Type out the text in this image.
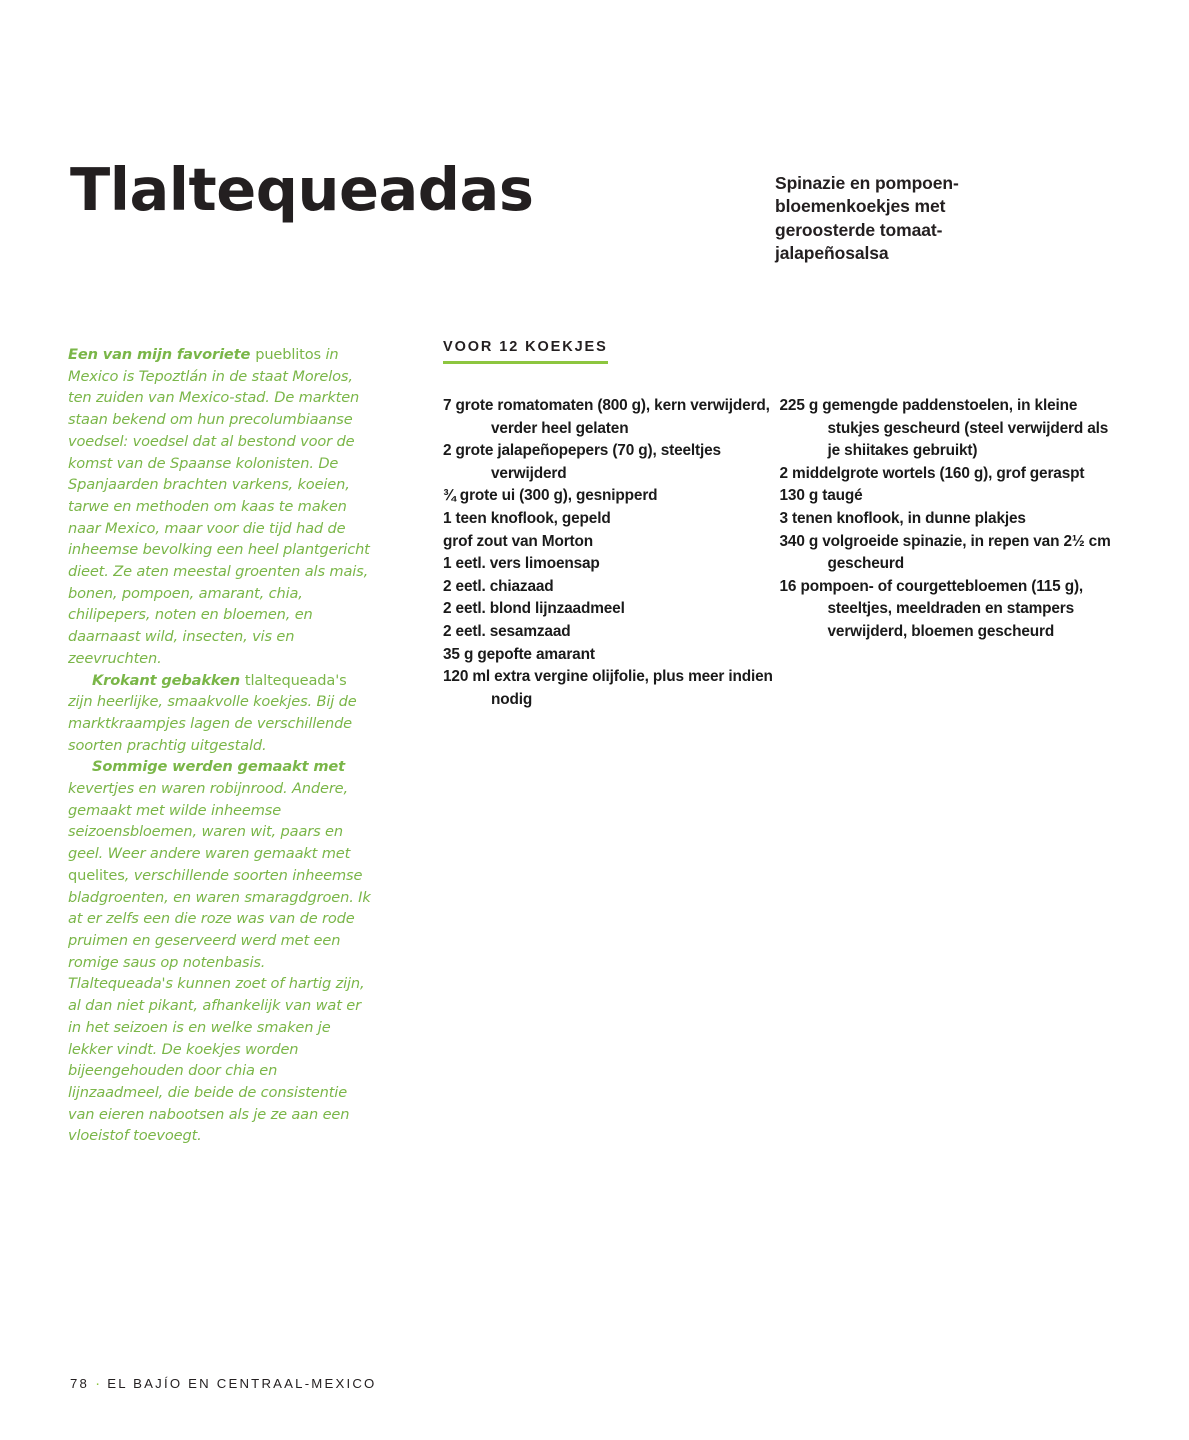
Tlaltequeadas	Spinazie en pompoen-bloemenkoekjes met geroosterde tomaat-jalapeñosalsa

Een van mijn favoriete pueblitos in Mexico is Tepoztlán in de staat Morelos, ten zuiden van Mexico-stad. De markten staan bekend om hun precolumbiaanse voedsel: voedsel dat al bestond voor de komst van de Spaanse kolonisten. De Spanjaarden brachten varkens, koeien, tarwe en methoden om kaas te maken naar Mexico, maar voor die tijd had de inheemse bevolking een heel plantgericht dieet. Ze aten meestal groenten als mais, bonen, pompoen, amarant, chia, chilipepers, noten en bloemen, en daarnaast wild, insecten, vis en zeevruchten.

Krokant gebakken tlaltequeada's zijn heerlijke, smaakvolle koekjes. Bij de marktkraampjes lagen de verschillende soorten prachtig uitgestald.

Sommige werden gemaakt met kevertjes en waren robijnrood. Andere, gemaakt met wilde inheemse seizoensbloemen, waren wit, paars en geel. Weer andere waren gemaakt met quelites, verschillende soorten inheemse bladgroenten, en waren smaragdgroen. Ik at er zelfs een die roze was van de rode pruimen en geserveerd werd met een romige saus op notenbasis. Tlaltequeada's kunnen zoet of hartig zijn, al dan niet pikant, afhankelijk van wat er in het seizoen is en welke smaken je lekker vindt. De koekjes worden bijeengehouden door chia en lijnzaadmeel, die beide de consistentie van eieren nabootsen als je ze aan een vloeistof toevoegt.

VOOR 12 KOEKJES
7 grote romatomaten (800 g), kern verwijderd, verder heel gelaten
2 grote jalapeñopepers (70 g), steeltjes verwijderd
¾ grote ui (300 g), gesnipperd
1 teen knoflook, gepeld
grof zout van Morton
1 eetl. vers limoensap
2 eetl. chiazaad
2 eetl. blond lijnzaadmeel
2 eetl. sesamzaad
35 g gepofte amarant
120 ml extra vergine olijfolie, plus meer indien nodig
225 g gemengde paddenstoelen, in kleine stukjes gescheurd (steel verwijderd als je shiitakes gebruikt)
2 middelgrote wortels (160 g), grof geraspt
130 g taugé
3 tenen knoflook, in dunne plakjes
340 g volgroeide spinazie, in repen van 2½ cm gescheurd
16 pompoen- of courgettebloemen (115 g), steeltjes, meeldraden en stampers verwijderd, bloemen gescheurd
78 · EL BAJÍO EN CENTRAAL-MEXICO
